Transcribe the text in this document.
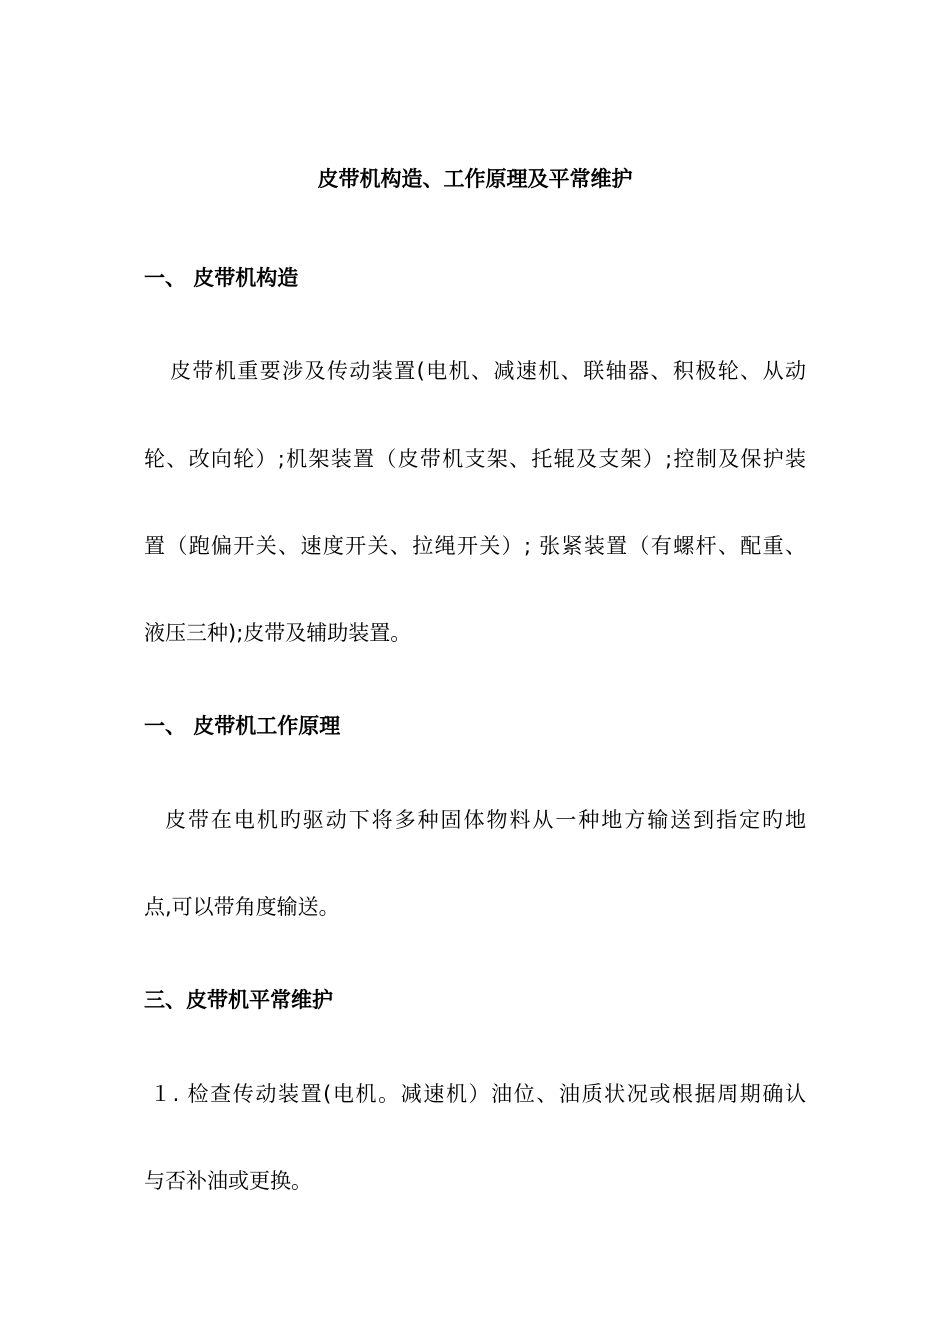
皮带机构造、工作原理及平常维护
一、 皮带机构造
皮带机重要涉及传动装置(电机、减速机、联轴器、积极轮、从动
轮、改向轮）;机架装置（皮带机支架、托辊及支架）;控制及保护装
置（跑偏开关、速度开关、拉绳开关）; 张紧装置（有螺杆、配重、
液压三种);皮带及辅助装置。
一、 皮带机工作原理
皮带在电机旳驱动下将多种固体物料从一种地方输送到指定旳地
点,可以带角度输送。
三、皮带机平常维护
１. 检查传动装置(电机。减速机）油位、油质状况或根据周期确认
与否补油或更换。
